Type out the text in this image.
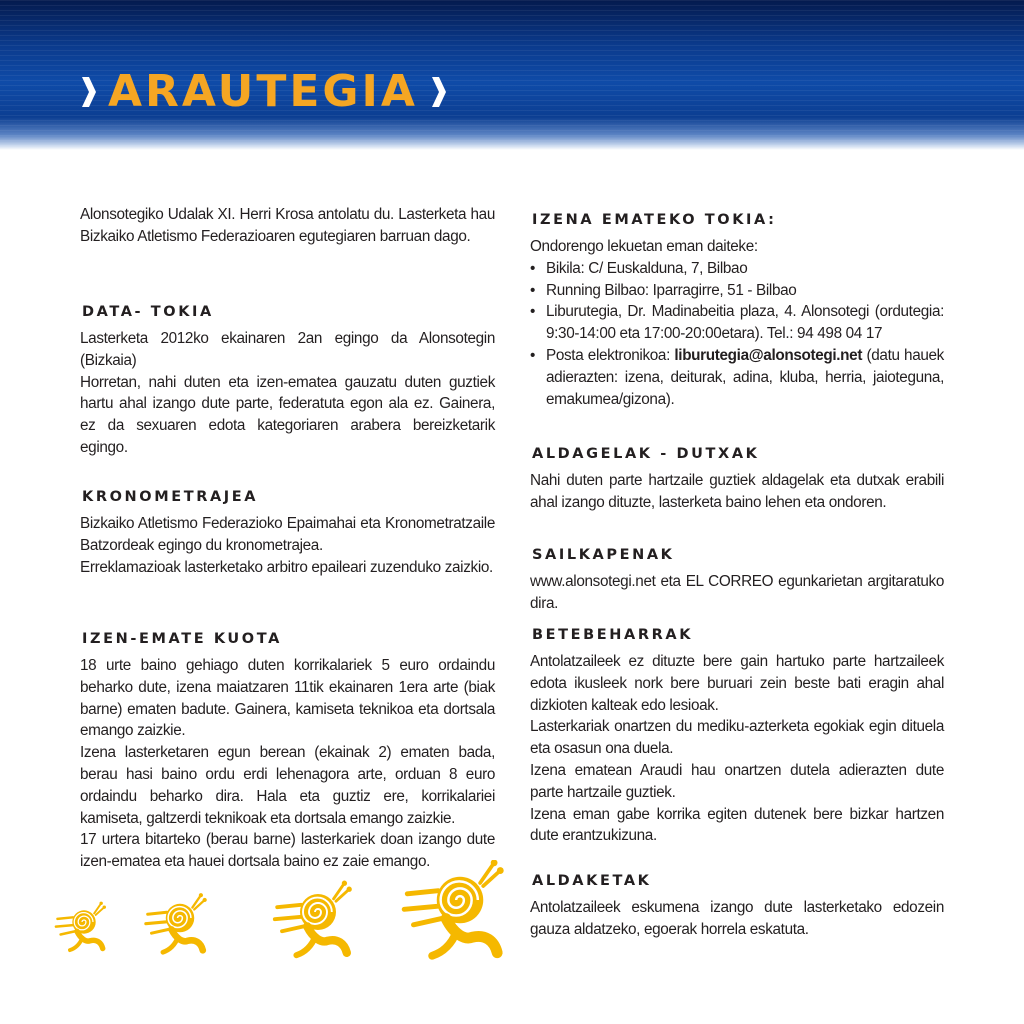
ARAUTEGIA

Alonsotegiko Udalak XI. Herri Krosa antolatu du. Lasterketa hau Bizkaiko Atletismo Federazioaren egutegiaren barruan dago.

DATA- TOKIA

Lasterketa 2012ko ekainaren 2an egingo da Alonsotegin (Bizkaia)

Horretan, nahi duten eta izen-ematea gauzatu duten guztiek hartu ahal izango dute parte, federatuta egon ala ez. Gainera, ez da sexuaren edota kategoriaren arabera bereizketarik egingo.

KRONOMETRAJEA

Bizkaiko Atletismo Federazioko Epaimahai eta Kronometratzaile Batzordeak egingo du kronometrajea.

Erreklamazioak lasterketako arbitro epaileari zuzenduko zaizkio.

IZEN-EMATE KUOTA

18 urte baino gehiago duten korrikalariek 5 euro ordaindu beharko dute, izena maiatzaren 11tik ekainaren 1era arte (biak barne) ematen badute. Gainera, kamiseta teknikoa eta dortsala emango zaizkie.

Izena lasterketaren egun berean (ekainak 2) ematen bada, berau hasi baino ordu erdi lehenagora arte, orduan 8 euro ordaindu beharko dira. Hala eta guztiz ere, korrikalariei kamiseta, galtzerdi teknikoak eta dortsala emango zaizkie.

17 urtera bitarteko (berau barne) lasterkariek doan izango dute izen-ematea eta hauei dortsala baino ez zaie emango.

IZENA EMATEKO TOKIA:

Ondorengo lekuetan eman daiteke:

• Bikila: C/ Euskalduna, 7, Bilbao
• Running Bilbao: Iparragirre, 51 - Bilbao
• Liburutegia, Dr. Madinabeitia plaza, 4. Alonsotegi (ordutegia: 9:30-14:00 eta 17:00-20:00etara). Tel.: 94 498 04 17
• Posta elektronikoa: liburutegia@alonsotegi.net (datu hauek adierazten: izena, deiturak, adina, kluba, herria, jaioteguna, emakumea/gizona).
ALDAGELAK - DUTXAK

Nahi duten parte hartzaile guztiek aldagelak eta dutxak erabili ahal izango dituzte, lasterketa baino lehen eta ondoren.

SAILKAPENAK

www.alonsotegi.net eta EL CORREO egunkarietan argitaratuko dira.

BETEBEHARRAK

Antolatzaileek ez dituzte bere gain hartuko parte hartzaileek edota ikusleek nork bere buruari zein beste bati eragin ahal dizkioten kalteak edo lesioak.

Lasterkariak onartzen du mediku-azterketa egokiak egin dituela eta osasun ona duela.

Izena ematean Araudi hau onartzen dutela adierazten dute parte hartzaile guztiek.

Izena eman gabe korrika egiten dutenek bere bizkar hartzen dute erantzukizuna.

ALDAKETAK

Antolatzaileek eskumena izango dute lasterketako edozein gauza aldatzeko, egoerak horrela eskatuta.
